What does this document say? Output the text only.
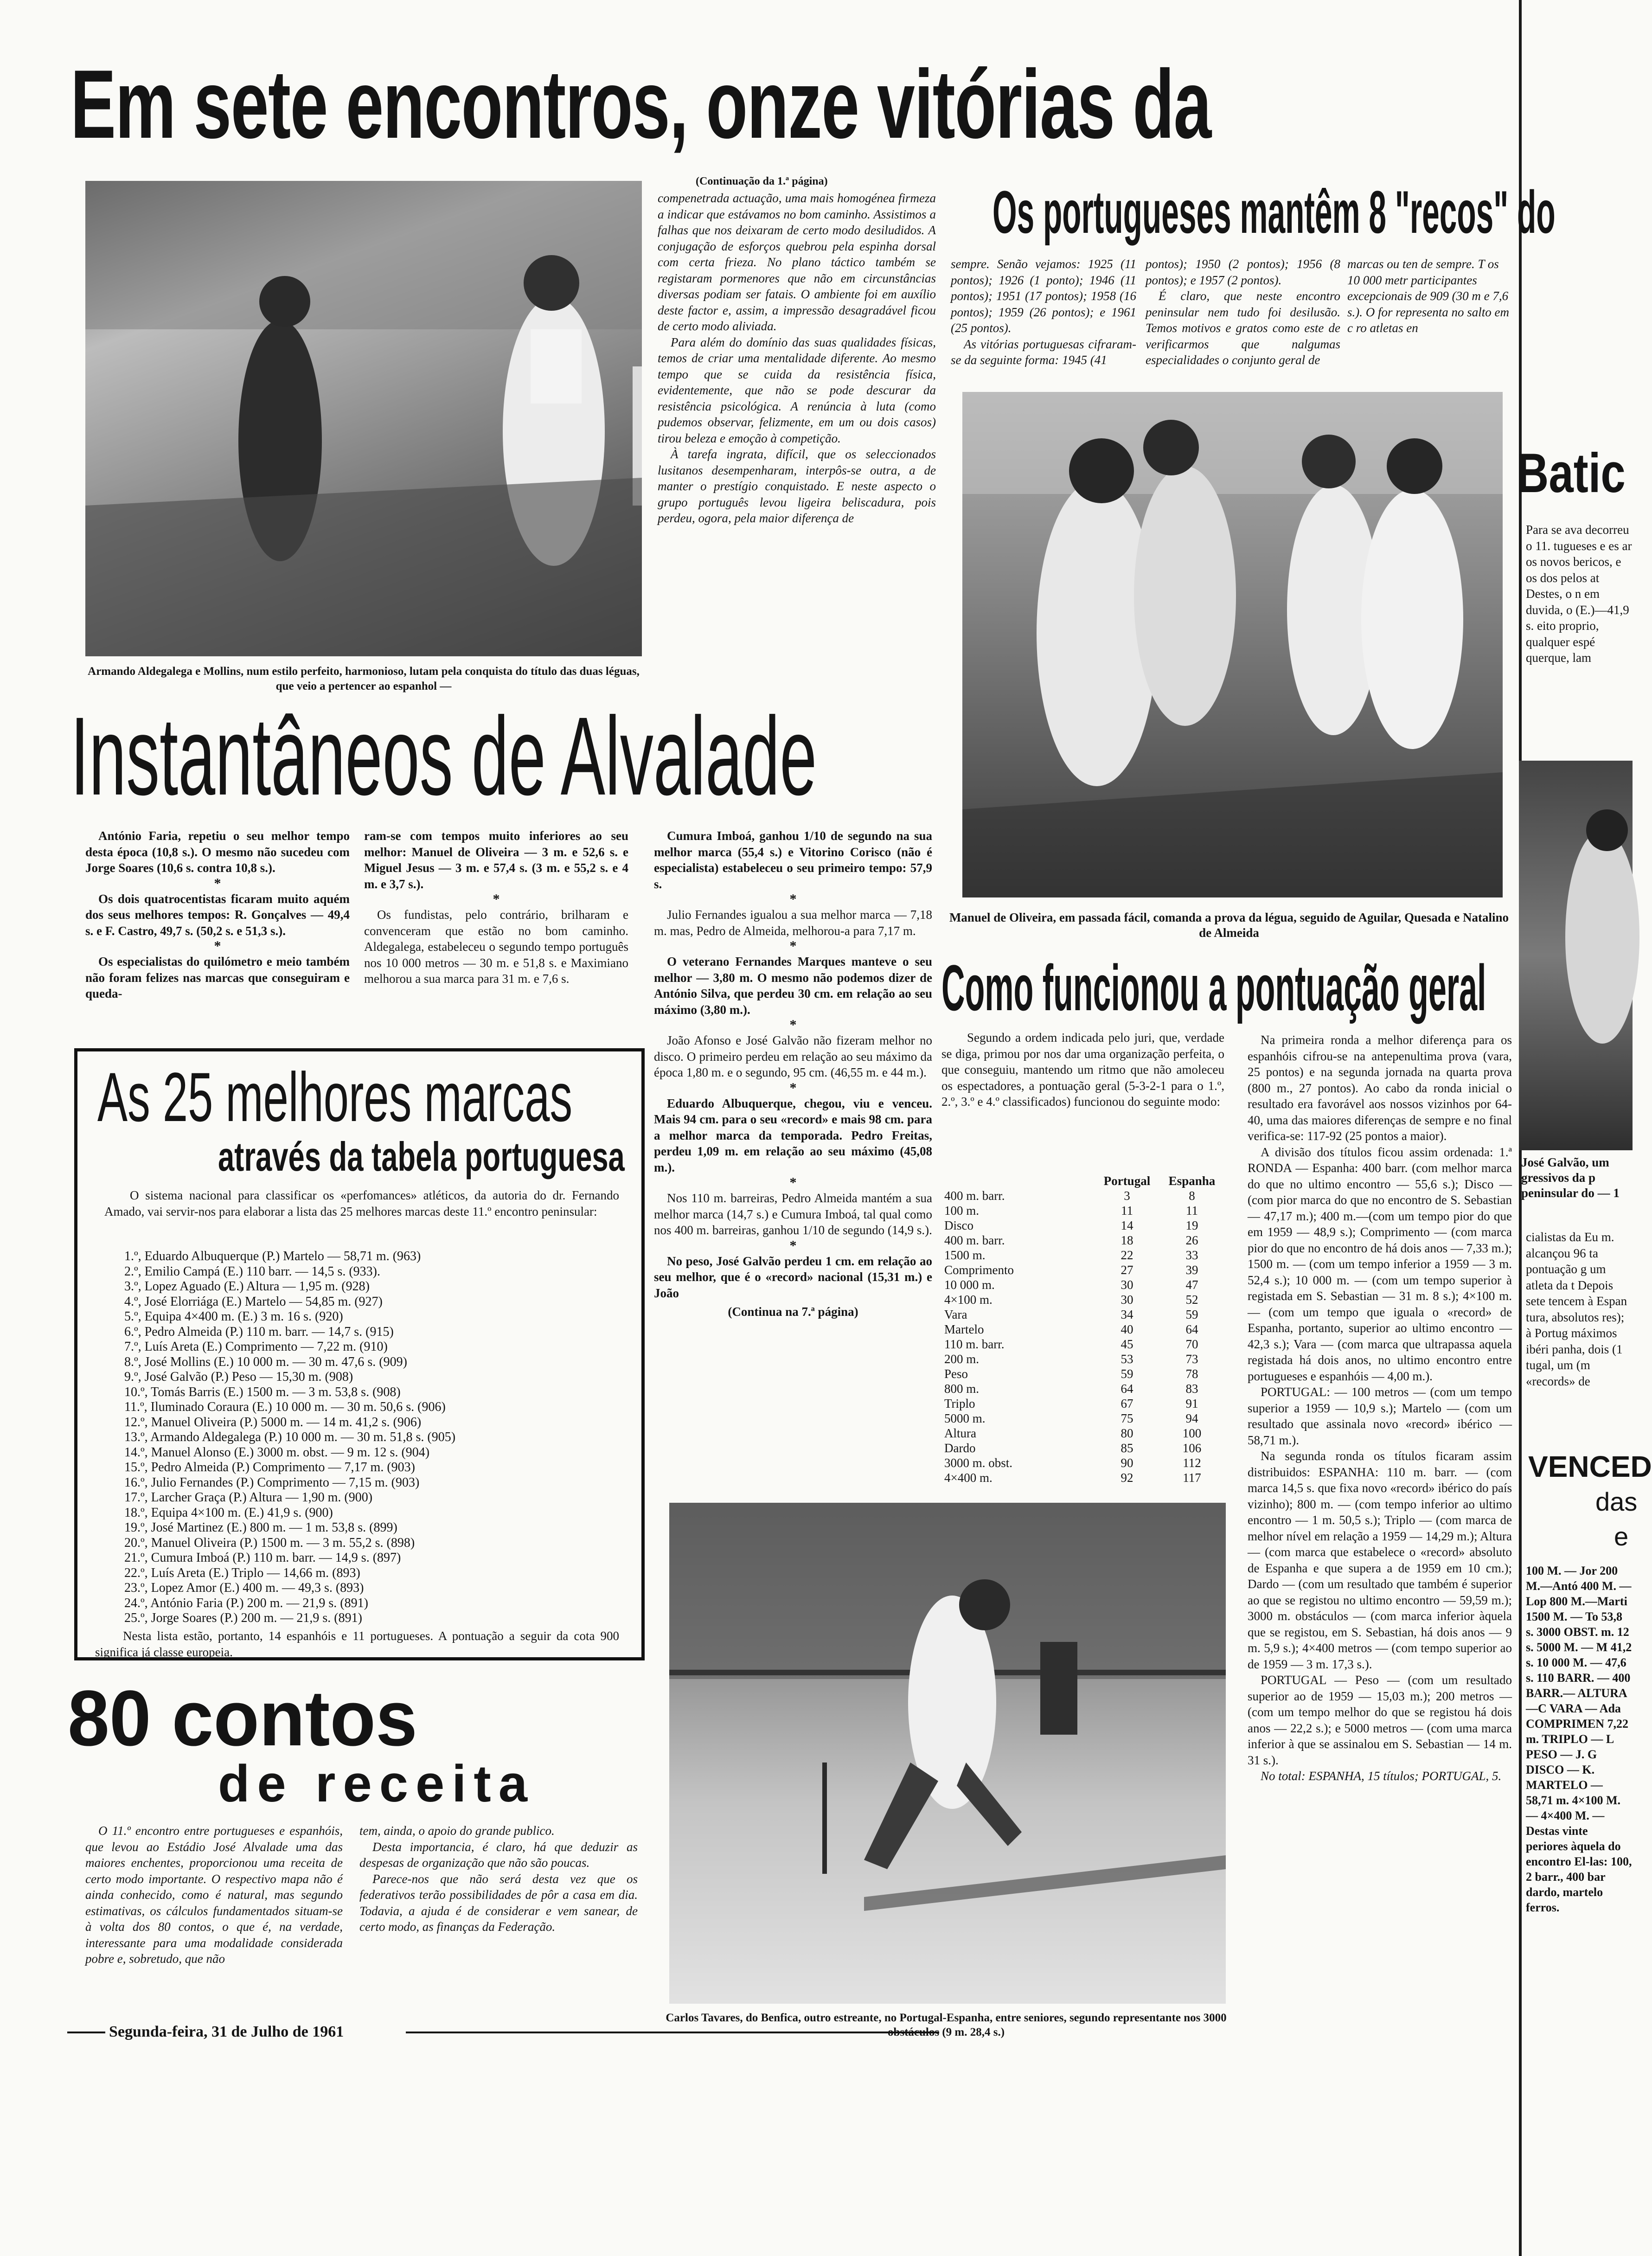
Em sete encontros, onze vitórias da
Armando Aldegalega e Mollins, num estilo perfeito, harmonioso, lutam pela conquista do título das duas léguas, que veio a pertencer ao espanhol —
(Continuação da 1.ª página)

compenetrada actuação, uma mais homogénea firmeza a indicar que estávamos no bom caminho. Assistimos a falhas que nos deixaram de certo modo desiludidos. A conjugação de esforços quebrou pela espinha dorsal com certa frieza. No plano táctico também se registaram pormenores que não em circunstâncias diversas podiam ser fatais. O ambiente foi em auxílio deste factor e, assim, a impressão desagradável ficou de certo modo aliviada.

Para além do domínio das suas qualidades físicas, temos de criar uma mentalidade diferente. Ao mesmo tempo que se cuida da resistência física, evidentemente, que não se pode descurar da resistência psicológica. A renúncia à luta (como pudemos observar, felizmente, em um ou dois casos) tirou beleza e emoção à competição.

À tarefa ingrata, difícil, que os seleccionados lusitanos desempenharam, interpôs-se outra, a de manter o prestígio conquistado. E neste aspecto o grupo português levou ligeira beliscadura, pois perdeu, ogora, pela maior diferença de

Os portugueses mantêm 8 "recos" do

sempre. Senão vejamos: 1925 (11 pontos); 1926 (1 ponto); 1946 (11 pontos); 1951 (17 pontos); 1958 (16 pontos); 1959 (26 pontos); e 1961 (25 pontos).

As vitórias portuguesas cifraram-se da seguinte forma: 1945 (41

pontos); 1950 (2 pontos); 1956 (8 pontos); e 1957 (2 pontos).

É claro, que neste encontro peninsular nem tudo foi desilusão. Temos motivos e gratos como este de verificarmos que nalgumas especialidades o conjunto geral de

marcas ou ten de sempre. T os 10 000 metr participantes excepcionais de 909 (30 m e 7,6 s.). O for representa no salto em c ro atletas en
Manuel de Oliveira, em passada fácil, comanda a prova da légua, seguido de Aguilar, Quesada e Natalino de Almeida
Instantâneos de Alvalade

António Faria, repetiu o seu melhor tempo desta época (10,8 s.). O mesmo não sucedeu com Jorge Soares (10,6 s. contra 10,8 s.).

*

Os dois quatrocentistas ficaram muito aquém dos seus melhores tempos: R. Gonçalves — 49,4 s. e F. Castro, 49,7 s. (50,2 s. e 51,3 s.).

*

Os especialistas do quilómetro e meio também não foram felizes nas marcas que conseguiram e queda-

ram-se com tempos muito inferiores ao seu melhor: Manuel de Oliveira — 3 m. e 52,6 s. e Miguel Jesus — 3 m. e 57,4 s. (3 m. e 55,2 s. e 4 m. e 3,7 s.).

*

Os fundistas, pelo contrário, brilharam e convenceram que estão no bom caminho. Aldegalega, estabeleceu o segundo tempo português nos 10 000 metros — 30 m. e 51,8 s. e Maximiano melhorou a sua marca para 31 m. e 7,6 s.

Cumura Imboá, ganhou 1/10 de segundo na sua melhor marca (55,4 s.) e Vitorino Corisco (não é especialista) estabeleceu o seu primeiro tempo: 57,9 s.

*

Julio Fernandes igualou a sua melhor marca — 7,18 m. mas, Pedro de Almeida, melhorou-a para 7,17 m.

*

O veterano Fernandes Marques manteve o seu melhor — 3,80 m. O mesmo não podemos dizer de António Silva, que perdeu 30 cm. em relação ao seu máximo (3,80 m.).

*

João Afonso e José Galvão não fizeram melhor no disco. O primeiro perdeu em relação ao seu máximo da época 1,80 m. e o segundo, 95 cm. (46,55 m. e 44 m.).

*

Eduardo Albuquerque, chegou, viu e venceu. Mais 94 cm. para o seu «record» e mais 98 cm. para a melhor marca da temporada. Pedro Freitas, perdeu 1,09 m. em relação ao seu máximo (45,08 m.).

*

Nos 110 m. barreiras, Pedro Almeida mantém a sua melhor marca (14,7 s.) e Cumura Imboá, tal qual como nos 400 m. barreiras, ganhou 1/10 de segundo (14,9 s.).

*

No peso, José Galvão perdeu 1 cm. em relação ao seu melhor, que é o «record» nacional (15,31 m.) e João

(Continua na 7.ª página)
As 25 melhores marcas
através da tabela portuguesa
O sistema nacional para classificar os «perfomances» atléticos, da autoria do dr. Fernando Amado, vai servir-nos para elaborar a lista das 25 melhores marcas deste 11.º encontro peninsular:
1.º, Eduardo Albuquerque (P.) Martelo — 58,71 m. (963)
2.º, Emilio Campá (E.) 110 barr. — 14,5 s. (933).
3.º, Lopez Aguado (E.) Altura — 1,95 m. (928)
4.º, José Elorriága (E.) Martelo — 54,85 m. (927)
5.º, Equipa 4×400 m. (E.) 3 m. 16 s. (920)
6.º, Pedro Almeida (P.) 110 m. barr. — 14,7 s. (915)
7.º, Luís Areta (E.) Comprimento — 7,22 m. (910)
8.º, José Mollins (E.) 10 000 m. — 30 m. 47,6 s. (909)
9.º, José Galvão (P.) Peso — 15,30 m. (908)
10.º, Tomás Barris (E.) 1500 m. — 3 m. 53,8 s. (908)
11.º, Iluminado Coraura (E.) 10 000 m. — 30 m. 50,6 s. (906)
12.º, Manuel Oliveira (P.) 5000 m. — 14 m. 41,2 s. (906)
13.º, Armando Aldegalega (P.) 10 000 m. — 30 m. 51,8 s. (905)
14.º, Manuel Alonso (E.) 3000 m. obst. — 9 m. 12 s. (904)
15.º, Pedro Almeida (P.) Comprimento — 7,17 m. (903)
16.º, Julio Fernandes (P.) Comprimento — 7,15 m. (903)
17.º, Larcher Graça (P.) Altura — 1,90 m. (900)
18.º, Equipa 4×100 m. (E.) 41,9 s. (900)
19.º, José Martinez (E.) 800 m. — 1 m. 53,8 s. (899)
20.º, Manuel Oliveira (P.) 1500 m. — 3 m. 55,2 s. (898)
21.º, Cumura Imboá (P.) 110 m. barr. — 14,9 s. (897)
22.º, Luís Areta (E.) Triplo — 14,66 m. (893)
23.º, Lopez Amor (E.) 400 m. — 49,3 s. (893)
24.º, António Faria (P.) 200 m. — 21,9 s. (891)
25.º, Jorge Soares (P.) 200 m. — 21,9 s. (891)
Nesta lista estão, portanto, 14 espanhóis e 11 portugueses. A pontuação a seguir da cota 900 significa já classe europeia.
80 contos
de receita
O 11.º encontro entre portugueses e espanhóis, que levou ao Estádio José Alvalade uma das maiores enchentes, proporcionou uma receita de certo modo importante. O respectivo mapa não é ainda conhecido, como é natural, mas segundo estimativas, os cálculos fundamentados situam-se à volta dos 80 contos, o que é, na verdade, interessante para uma modalidade considerada pobre e, sobretudo, que não

tem, ainda, o apoio do grande publico.

Desta importancia, é claro, há que deduzir as despesas de organização que não são poucas.

Parece-nos que não será desta vez que os federativos terão possibilidades de pôr a casa em dia. Todavia, a ajuda é de considerar e vem sanear, de certo modo, as finanças da Federação.

Segunda-feira, 31 de Julho de 1961
Carlos Tavares, do Benfica, outro estreante, no Portugal-Espanha, entre seniores, segundo representante nos 3000 obstáculos (9 m. 28,4 s.)
Como funcionou a pontuação geral
Segundo a ordem indicada pelo juri, que, verdade se diga, primou por nos dar uma organização perfeita, o que conseguiu, mantendo um ritmo que não amoleceu os espectadores, a pontuação geral (5-3-2-1 para o 1.º, 2.º, 3.º e 4.º classificados) funcionou do seguinte modo:
	Portugal	Espanha
400 m. barr.	3	8
100 m.	11	11
Disco	14	19
400 m. barr.	18	26
1500 m.	22	33
Comprimento	27	39
10 000 m.	30	47
4×100 m.	30	52
Vara	34	59
Martelo	40	64
110 m. barr.	45	70
200 m.	53	73
Peso	59	78
800 m.	64	83
Triplo	67	91
5000 m.	75	94
Altura	80	100
Dardo	85	106
3000 m. obst.	90	112
4×400 m.	92	117

Na primeira ronda a melhor diferença para os espanhóis cifrou-se na antepenultima prova (vara, 25 pontos) e na segunda jornada na quarta prova (800 m., 27 pontos). Ao cabo da ronda inicial o resultado era favorável aos nossos vizinhos por 64-40, uma das maiores diferenças de sempre e no final verifica-se: 117-92 (25 pontos a maior).

A divisão dos títulos ficou assim ordenada: 1.ª RONDA — Espanha: 400 barr. (com melhor marca do que no ultimo encontro — 55,6 s.); Disco — (com pior marca do que no encontro de S. Sebastian — 47,17 m.); 400 m.—(com um tempo pior do que em 1959 — 48,9 s.); Comprimento — (com marca pior do que no encontro de há dois anos — 7,33 m.); 1500 m. — (com um tempo inferior a 1959 — 3 m. 52,4 s.); 10 000 m. — (com um tempo superior à registada em S. Sebastian — 31 m. 8 s.); 4×100 m. — (com um tempo que iguala o «record» de Espanha, portanto, superior ao ultimo encontro — 42,3 s.); Vara — (com marca que ultrapassa aquela registada há dois anos, no ultimo encontro entre portugueses e espanhóis — 4,00 m.).

PORTUGAL: — 100 metros — (com um tempo superior a 1959 — 10,9 s.); Martelo — (com um resultado que assinala novo «record» ibérico — 58,71 m.).

Na segunda ronda os títulos ficaram assim distribuidos: ESPANHA: 110 m. barr. — (com marca 14,5 s. que fixa novo «record» ibérico do país vizinho); 800 m. — (com tempo inferior ao ultimo encontro — 1 m. 50,5 s.); Triplo — (com marca de melhor nível em relação a 1959 — 14,29 m.); Altura — (com marca que estabelece o «record» absoluto de Espanha e que supera a de 1959 em 10 cm.); Dardo — (com um resultado que também é superior ao que se registou no ultimo encontro — 59,59 m.); 3000 m. obstáculos — (com marca inferior àquela que se registou, em S. Sebastian, há dois anos — 9 m. 5,9 s.); 4×400 metros — (com tempo superior ao de 1959 — 3 m. 17,3 s.).

PORTUGAL — Peso — (com um resultado superior ao de 1959 — 15,03 m.); 200 metros — (com um tempo melhor do que se registou há dois anos — 22,2 s.); e 5000 metros — (com uma marca inferior à que se assinalou em S. Sebastian — 14 m. 31 s.).

No total: ESPANHA, 15 títulos; PORTUGAL, 5.

Batic
Para se ava decorreu o 11. tugueses e es ar os novos bericos, e os dos pelos at Destes, o n em duvida, o (E.)—41,9 s. eito proprio, qualquer espé querque, lam
José Galvão, um gressivos da p peninsular do — 1
cialistas da Eu m. alcançou 96 ta pontuação g um atleta da t Depois sete tencem à Espan tura, absolutos res); à Portug máximos ibéri panha, dois (1 tugal, um (m «records» de
VENCED
das
e
100 M. — Jor 200 M.—Antó 400 M. — Lop 800 M.—Marti 1500 M. — To 53,8 s. 3000 OBST. m. 12 s. 5000 M. — M 41,2 s. 10 000 M. — 47,6 s. 110 BARR. — 400 BARR.— ALTURA—C VARA — Ada COMPRIMEN 7,22 m. TRIPLO — L PESO — J. G DISCO — K. MARTELO — 58,71 m. 4×100 M. — 4×400 M. — Destas vinte periores àquela do encontro El-las: 100, 2 barr., 400 bar dardo, martelo ferros.
